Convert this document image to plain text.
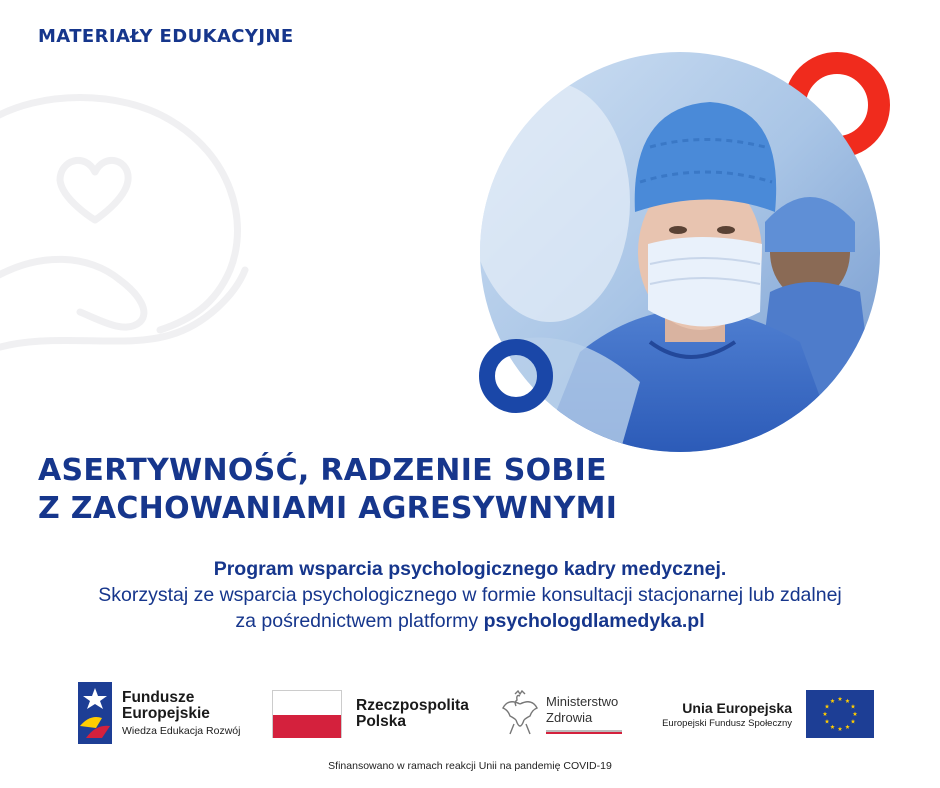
MATERIAŁY EDUKACYJNE
ASERTYWNOŚĆ, RADZENIE SOBIE
Z ZACHOWANIAMI AGRESYWNYMI
Program wsparcia psychologicznego kadry medycznej.
Skorzystaj ze wsparcia psychologicznego w formie konsultacji stacjonarnej lub zdalnej
za pośrednictwem platformy psychologdlamedyka.pl
Fundusze
Europejskie
Wiedza Edukacja Rozwój
Rzeczpospolita
Polska
Ministerstwo
Zdrowia
Unia Europejska
Europejski Fundusz Społeczny
Sfinansowano w ramach reakcji Unii na pandemię COVID-19
